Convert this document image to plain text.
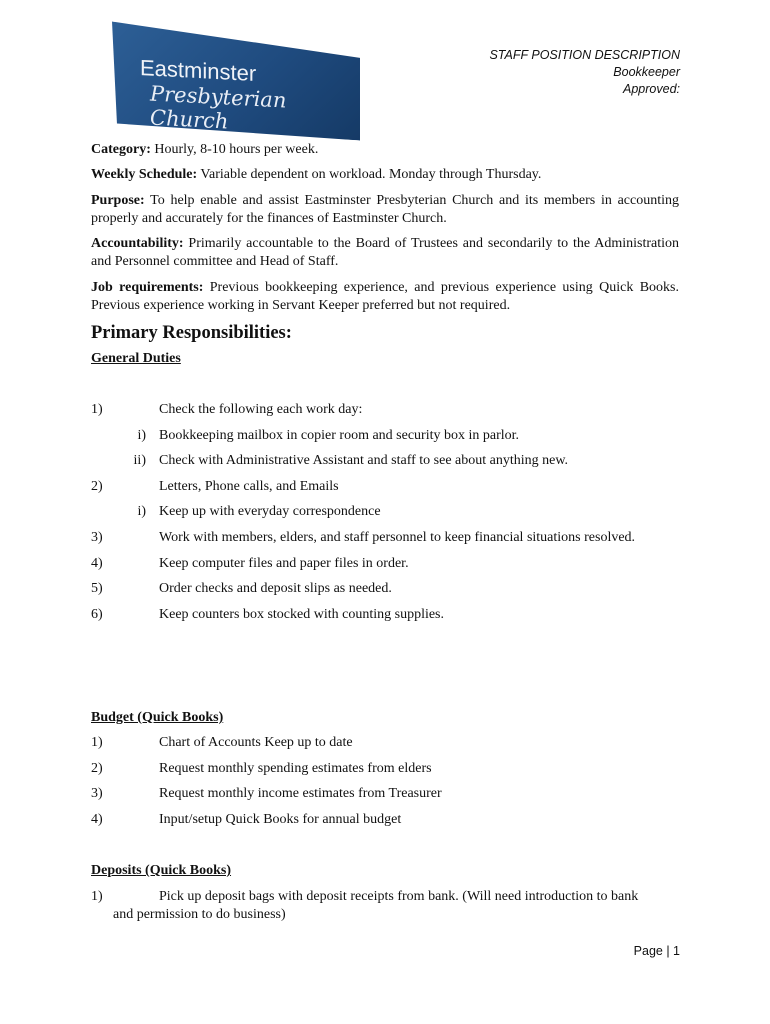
Eastminster
Presbyterian Church
STAFF POSITION DESCRIPTION
Bookkeeper
Approved:
Category: Hourly, 8-10 hours per week.
Weekly Schedule: Variable dependent on workload. Monday through Thursday.
Purpose: To help enable and assist Eastminster Presbyterian Church and its members in accounting properly and accurately for the finances of Eastminster Church.
Accountability: Primarily accountable to the Board of Trustees and secondarily to the Administration and Personnel committee and Head of Staff.
Job requirements: Previous bookkeeping experience, and previous experience using Quick Books. Previous experience working in Servant Keeper preferred but not required.
Primary Responsibilities:
General Duties
1)	Check the following each work day:
i) Bookkeeping mailbox in copier room and security box in parlor.
ii) Check with Administrative Assistant and staff to see about anything new.
2)	Letters, Phone calls, and Emails
i) Keep up with everyday correspondence
3)	Work with members, elders, and staff personnel to keep financial situations resolved.
4)	Keep computer files and paper files in order.
5)	Order checks and deposit slips as needed.
6)	Keep counters box stocked with counting supplies.
Budget (Quick Books)
1)	Chart of Accounts Keep up to date
2)	Request monthly spending estimates from elders
3)	Request monthly income estimates from Treasurer
4)	Input/setup Quick Books for annual budget
Deposits (Quick Books)
1)	Pick up deposit bags with deposit receipts from bank. (Will need introduction to bank
and permission to do business)
Page | 1
